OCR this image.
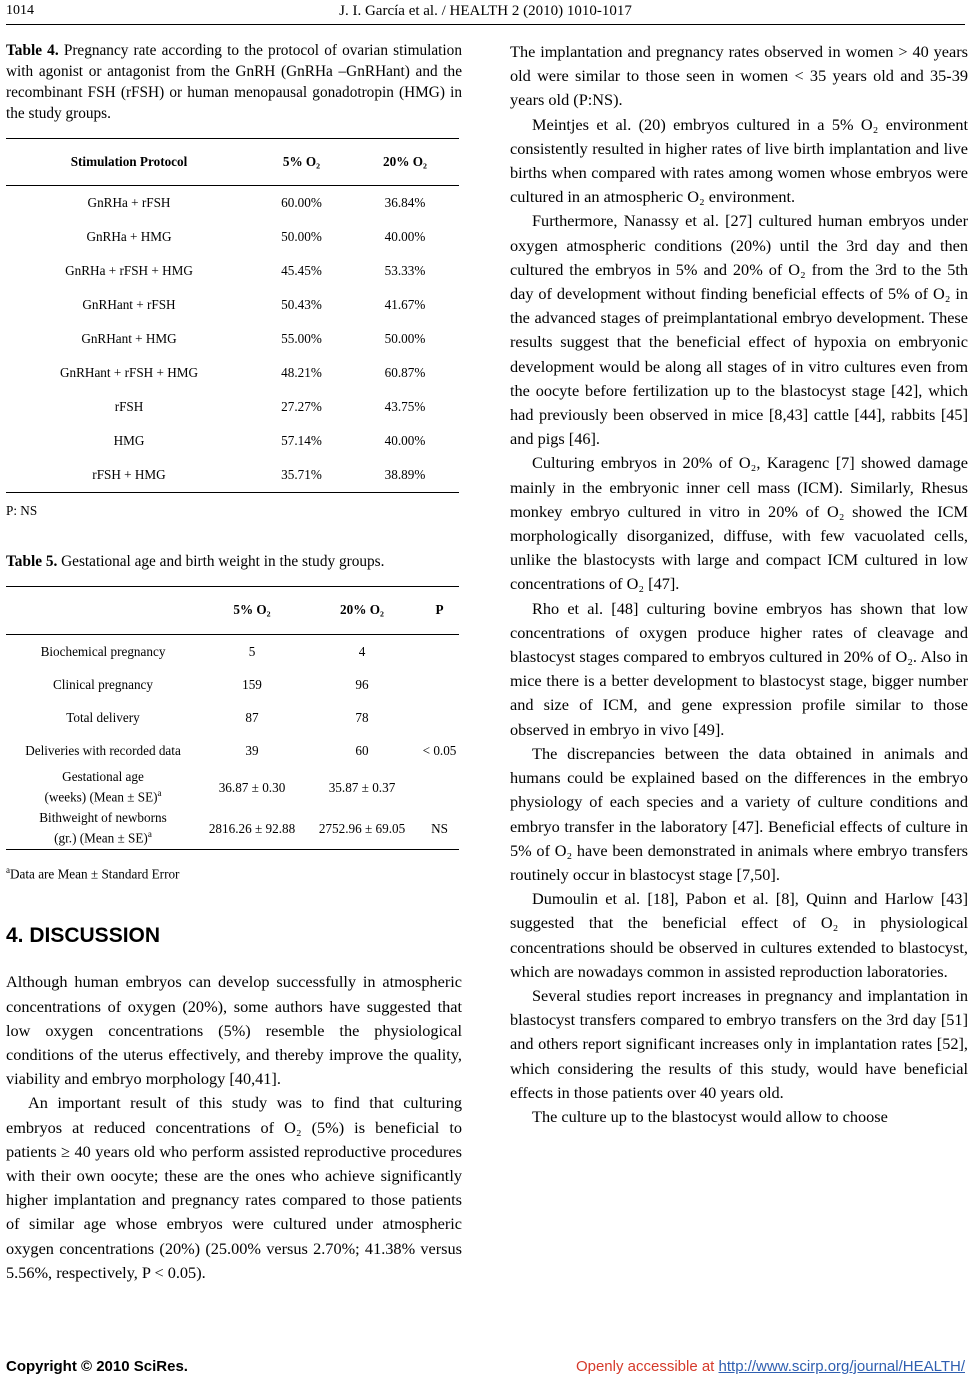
1014	J. I. García et al. / HEALTH 2 (2010) 1010-1017

Table 4. Pregnancy rate according to the protocol of ovarian stimulation with agonist or antagonist from the GnRH (GnRHa –GnRHant) and the recombinant FSH (rFSH) or human menopausal gonadotropin (HMG) in the study groups.

Stimulation Protocol	5% O₂	20% O₂
GnRHa + rFSH	60.00%	36.84%
GnRHa + HMG	50.00%	40.00%
GnRHa + rFSH + HMG	45.45%	53.33%
GnRHant + rFSH	50.43%	41.67%
GnRHant + HMG	55.00%	50.00%
GnRHant + rFSH + HMG	48.21%	60.87%
rFSH	27.27%	43.75%
HMG	57.14%	40.00%
rFSH + HMG	35.71%	38.89%

P: NS

Table 5. Gestational age and birth weight in the study groups.

	5% O₂	20% O₂	P
Biochemical pregnancy	5	4	
Clinical pregnancy	159	96	
Total delivery	87	78	
Deliveries with recorded data	39	60	< 0.05
Gestational age
(weeks) (Mean ± SE)$^a$	36.87 ± 0.30	35.87 ± 0.37	
Bithweight of newborns
(gr.) (Mean ± SE)$^a$	2816.26 ± 92.88	2752.96 ± 69.05	NS

$^a$Data are Mean ± Standard Error

4. DISCUSSION

Although human embryos can develop successfully in atmospheric concentrations of oxygen (20%), some authors have suggested that low oxygen concentrations (5%) resemble the physiological conditions of the uterus effectively, and thereby improve the quality, viability and embryo morphology [40,41].

An important result of this study was to find that culturing embryos at reduced concentrations of O₂ (5%) is beneficial to patients ≥ 40 years old who perform assisted reproductive procedures with their own oocyte; these are the ones who achieve significantly higher implantation and pregnancy rates compared to those patients of similar age whose embryos were cultured under atmospheric oxygen concentrations (20%) (25.00% versus 2.70%; 41.38% versus 5.56%, respectively, P < 0.05).

The implantation and pregnancy rates observed in women > 40 years old were similar to those seen in women < 35 years old and 35-39 years old (P:NS).

Meintjes et al. (20) embryos cultured in a 5% O₂ environment consistently resulted in higher rates of live birth implantation and live births when compared with rates among women whose embryos were cultured in an atmospheric O₂ environment.

Furthermore, Nanassy et al. [27] cultured human embryos under oxygen atmospheric conditions (20%) until the 3rd day and then cultured the embryos in 5% and 20% of O₂ from the 3rd to the 5th day of development without finding beneficial effects of 5% of O₂ in the advanced stages of preimplantational embryo development. These results suggest that the beneficial effect of hypoxia on embryonic development would be along all stages of in vitro cultures even from the oocyte before fertilization up to the blastocyst stage [42], which had previously been observed in mice [8,43] cattle [44], rabbits [45] and pigs [46].

Culturing embryos in 20% of O₂, Karagenc [7] showed damage mainly in the embryonic inner cell mass (ICM). Similarly, Rhesus monkey embryo cultured in vitro in 20% of O₂ showed the ICM morphologically disorganized, diffuse, with few vacuolated cells, unlike the blastocysts with large and compact ICM cultured in low concentrations of O₂ [47].

Rho et al. [48] culturing bovine embryos has shown that low concentrations of oxygen produce higher rates of cleavage and blastocyst stages compared to embryos cultured in 20% of O₂. Also in mice there is a better development to blastocyst stage, bigger number and size of ICM, and gene expression profile similar to those observed in embryo in vivo [49].

The discrepancies between the data obtained in animals and humans could be explained based on the differences in the embryo physiology of each species and a variety of culture conditions and embryo transfer in the laboratory [47]. Beneficial effects of culture in 5% of O₂ have been demonstrated in animals where embryo transfers routinely occur in blastocyst stage [7,50].

Dumoulin et al. [18], Pabon et al. [8], Quinn and Harlow [43] suggested that the beneficial effect of O₂ in physiological concentrations should be observed in cultures extended to blastocyst, which are nowadays common in assisted reproduction laboratories.

Several studies report increases in pregnancy and implantation in blastocyst transfers compared to embryo transfers on the 3rd day [51] and others report significant increases only in implantation rates [52], which considering the results of this study, would have beneficial effects in those patients over 40 years old.

The culture up to the blastocyst would allow to choose

Copyright © 2010 SciRes.	Openly accessible at http://www.scirp.org/journal/HEALTH/
